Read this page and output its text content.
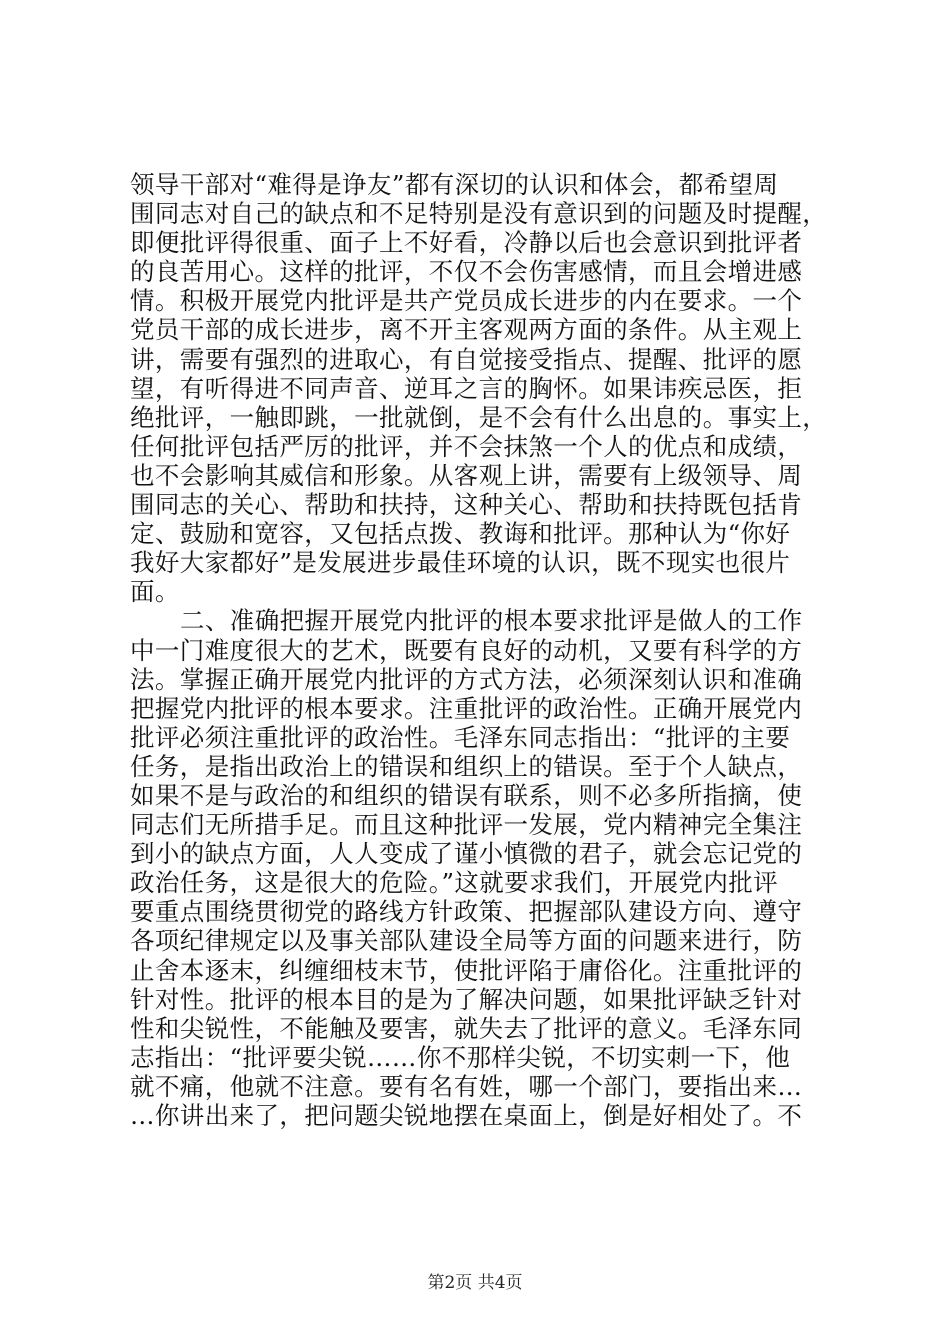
领导干部对“难得是诤友”都有深切的认识和体会，都希望周
围同志对自己的缺点和不足特别是没有意识到的问题及时提醒，
即便批评得很重、面子上不好看，冷静以后也会意识到批评者
的良苦用心。这样的批评，不仅不会伤害感情，而且会增进感
情。积极开展党内批评是共产党员成长进步的内在要求。一个
党员干部的成长进步，离不开主客观两方面的条件。从主观上
讲，需要有强烈的进取心，有自觉接受指点、提醒、批评的愿
望，有听得进不同声音、逆耳之言的胸怀。如果讳疾忌医，拒
绝批评，一触即跳，一批就倒，是不会有什么出息的。事实上，
任何批评包括严厉的批评，并不会抹煞一个人的优点和成绩，
也不会影响其威信和形象。从客观上讲，需要有上级领导、周
围同志的关心、帮助和扶持，这种关心、帮助和扶持既包括肯
定、鼓励和宽容，又包括点拨、教诲和批评。那种认为“你好
我好大家都好”是发展进步最佳环境的认识，既不现实也很片
面。
二、准确把握开展党内批评的根本要求批评是做人的工作
中一门难度很大的艺术，既要有良好的动机，又要有科学的方
法。掌握正确开展党内批评的方式方法，必须深刻认识和准确
把握党内批评的根本要求。注重批评的政治性。正确开展党内
批评必须注重批评的政治性。毛泽东同志指出：“批评的主要
任务，是指出政治上的错误和组织上的错误。至于个人缺点，
如果不是与政治的和组织的错误有联系，则不必多所指摘，使
同志们无所措手足。而且这种批评一发展，党内精神完全集注
到小的缺点方面，人人变成了谨小慎微的君子，就会忘记党的
政治任务，这是很大的危险。”这就要求我们，开展党内批评
要重点围绕贯彻党的路线方针政策、把握部队建设方向、遵守
各项纪律规定以及事关部队建设全局等方面的问题来进行，防
止舍本逐末，纠缠细枝末节，使批评陷于庸俗化。注重批评的
针对性。批评的根本目的是为了解决问题，如果批评缺乏针对
性和尖锐性，不能触及要害，就失去了批评的意义。毛泽东同
志指出：“批评要尖锐……你不那样尖锐，不切实刺一下，他
就不痛，他就不注意。要有名有姓，哪一个部门，要指出来…
…你讲出来了，把问题尖锐地摆在桌面上，倒是好相处了。不
第2页 共4页
